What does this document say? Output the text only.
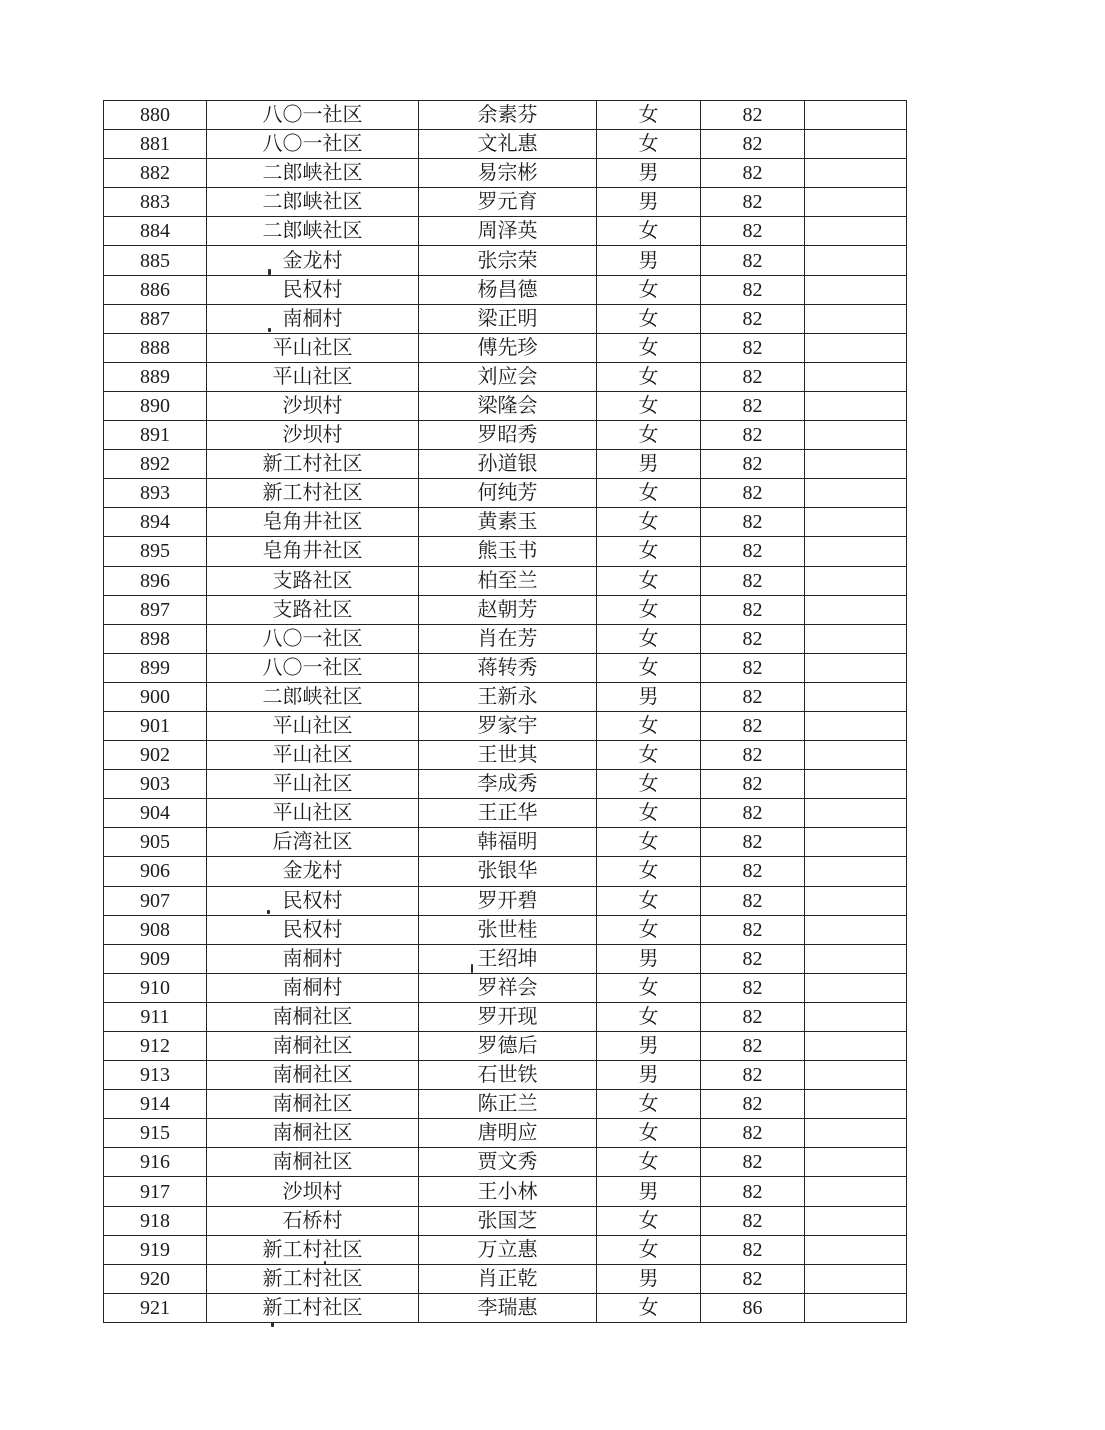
880	八〇一社区	余素芬	女	82	
881	八〇一社区	文礼惠	女	82	
882	二郎峡社区	易宗彬	男	82	
883	二郎峡社区	罗元育	男	82	
884	二郎峡社区	周泽英	女	82	
885	金龙村	张宗荣	男	82	
886	民权村	杨昌德	女	82	
887	南桐村	梁正明	女	82	
888	平山社区	傅先珍	女	82	
889	平山社区	刘应会	女	82	
890	沙坝村	梁隆会	女	82	
891	沙坝村	罗昭秀	女	82	
892	新工村社区	孙道银	男	82	
893	新工村社区	何纯芳	女	82	
894	皂角井社区	黄素玉	女	82	
895	皂角井社区	熊玉书	女	82	
896	支路社区	柏至兰	女	82	
897	支路社区	赵朝芳	女	82	
898	八〇一社区	肖在芳	女	82	
899	八〇一社区	蒋转秀	女	82	
900	二郎峡社区	王新永	男	82	
901	平山社区	罗家宇	女	82	
902	平山社区	王世其	女	82	
903	平山社区	李成秀	女	82	
904	平山社区	王正华	女	82	
905	后湾社区	韩福明	女	82	
906	金龙村	张银华	女	82	
907	民权村	罗开碧	女	82	
908	民权村	张世桂	女	82	
909	南桐村	王绍坤	男	82	
910	南桐村	罗祥会	女	82	
911	南桐社区	罗开现	女	82	
912	南桐社区	罗德后	男	82	
913	南桐社区	石世铁	男	82	
914	南桐社区	陈正兰	女	82	
915	南桐社区	唐明应	女	82	
916	南桐社区	贾文秀	女	82	
917	沙坝村	王小林	男	82	
918	石桥村	张国芝	女	82	
919	新工村社区	万立惠	女	82	
920	新工村社区	肖正乾	男	82	
921	新工村社区	李瑞惠	女	86	
